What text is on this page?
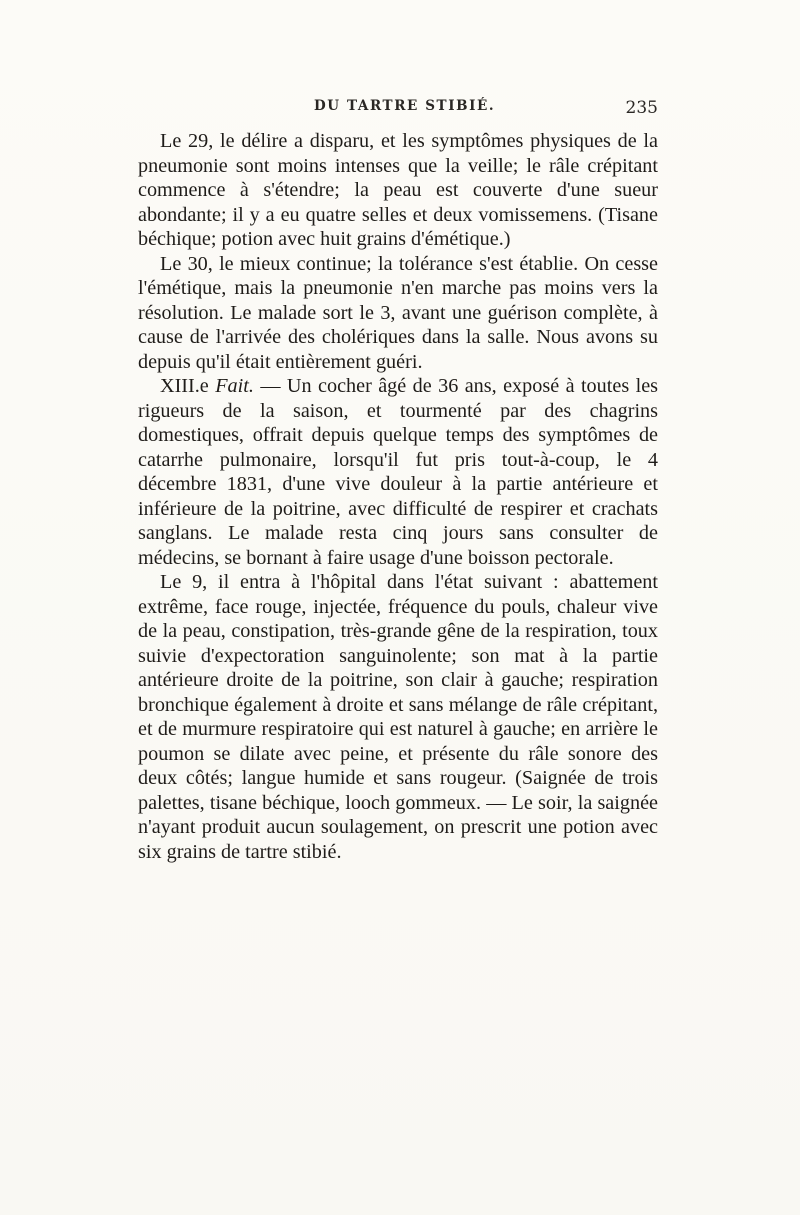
DU TARTRE STIBIÉ.	235

Le 29, le délire a disparu, et les symptômes physiques de la pneumonie sont moins intenses que la veille; le râle crépitant commence à s'étendre; la peau est couverte d'une sueur abondante; il y a eu quatre selles et deux vomissemens. (Tisane béchique; potion avec huit grains d'émétique.)

Le 30, le mieux continue; la tolérance s'est établie. On cesse l'émétique, mais la pneumonie n'en marche pas moins vers la résolution. Le malade sort le 3, avant une guérison complète, à cause de l'arrivée des cholériques dans la salle. Nous avons su depuis qu'il était entièrement guéri.

XIII.e Fait. — Un cocher âgé de 36 ans, exposé à toutes les rigueurs de la saison, et tourmenté par des chagrins domestiques, offrait depuis quelque temps des symptômes de catarrhe pulmonaire, lorsqu'il fut pris tout-à-coup, le 4 décembre 1831, d'une vive douleur à la partie antérieure et inférieure de la poitrine, avec difficulté de respirer et crachats sanglans. Le malade resta cinq jours sans consulter de médecins, se bornant à faire usage d'une boisson pectorale.

Le 9, il entra à l'hôpital dans l'état suivant : abattement extrême, face rouge, injectée, fréquence du pouls, chaleur vive de la peau, constipation, très-grande gêne de la respiration, toux suivie d'expectoration sanguinolente; son mat à la partie antérieure droite de la poitrine, son clair à gauche; respiration bronchique également à droite et sans mélange de râle crépitant, et de murmure respiratoire qui est naturel à gauche; en arrière le poumon se dilate avec peine, et présente du râle sonore des deux côtés; langue humide et sans rougeur. (Saignée de trois palettes, tisane béchique, looch gommeux. — Le soir, la saignée n'ayant produit aucun soulagement, on prescrit une potion avec six grains de tartre stibié.
